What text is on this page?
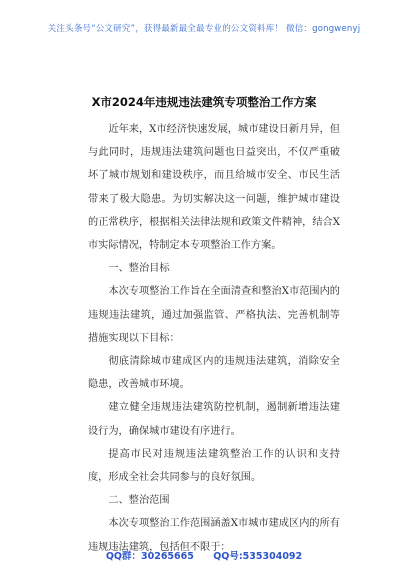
关注头条号“公文研究”，获得最新最全最专业的公文资料库！ 微信：gongwenyj
X市2024年违规违法建筑专项整治工作方案

近年来，X市经济快速发展，城市建设日新月异，但与此同时，违规违法建筑问题也日益突出，不仅严重破坏了城市规划和建设秩序，而且给城市安全、市民生活带来了极大隐患。为切实解决这一问题，维护城市建设的正常秩序，根据相关法律法规和政策文件精神，结合X市实际情况，特制定本专项整治工作方案。

一、整治目标

本次专项整治工作旨在全面清查和整治X市范围内的违规违法建筑，通过加强监管、严格执法、完善机制等措施实现以下目标：

彻底清除城市建成区内的违规违法建筑，消除安全隐患，改善城市环境。

建立健全违规违法建筑防控机制，遏制新增违法建设行为，确保城市建设有序进行。

提高市民对违规违法建筑整治工作的认识和支持度，形成全社会共同参与的良好氛围。

二、整治范围

本次专项整治工作范围涵盖X市城市建成区内的所有违规违法建筑，包括但不限于：

QQ群：30265665 QQ号:535304092
